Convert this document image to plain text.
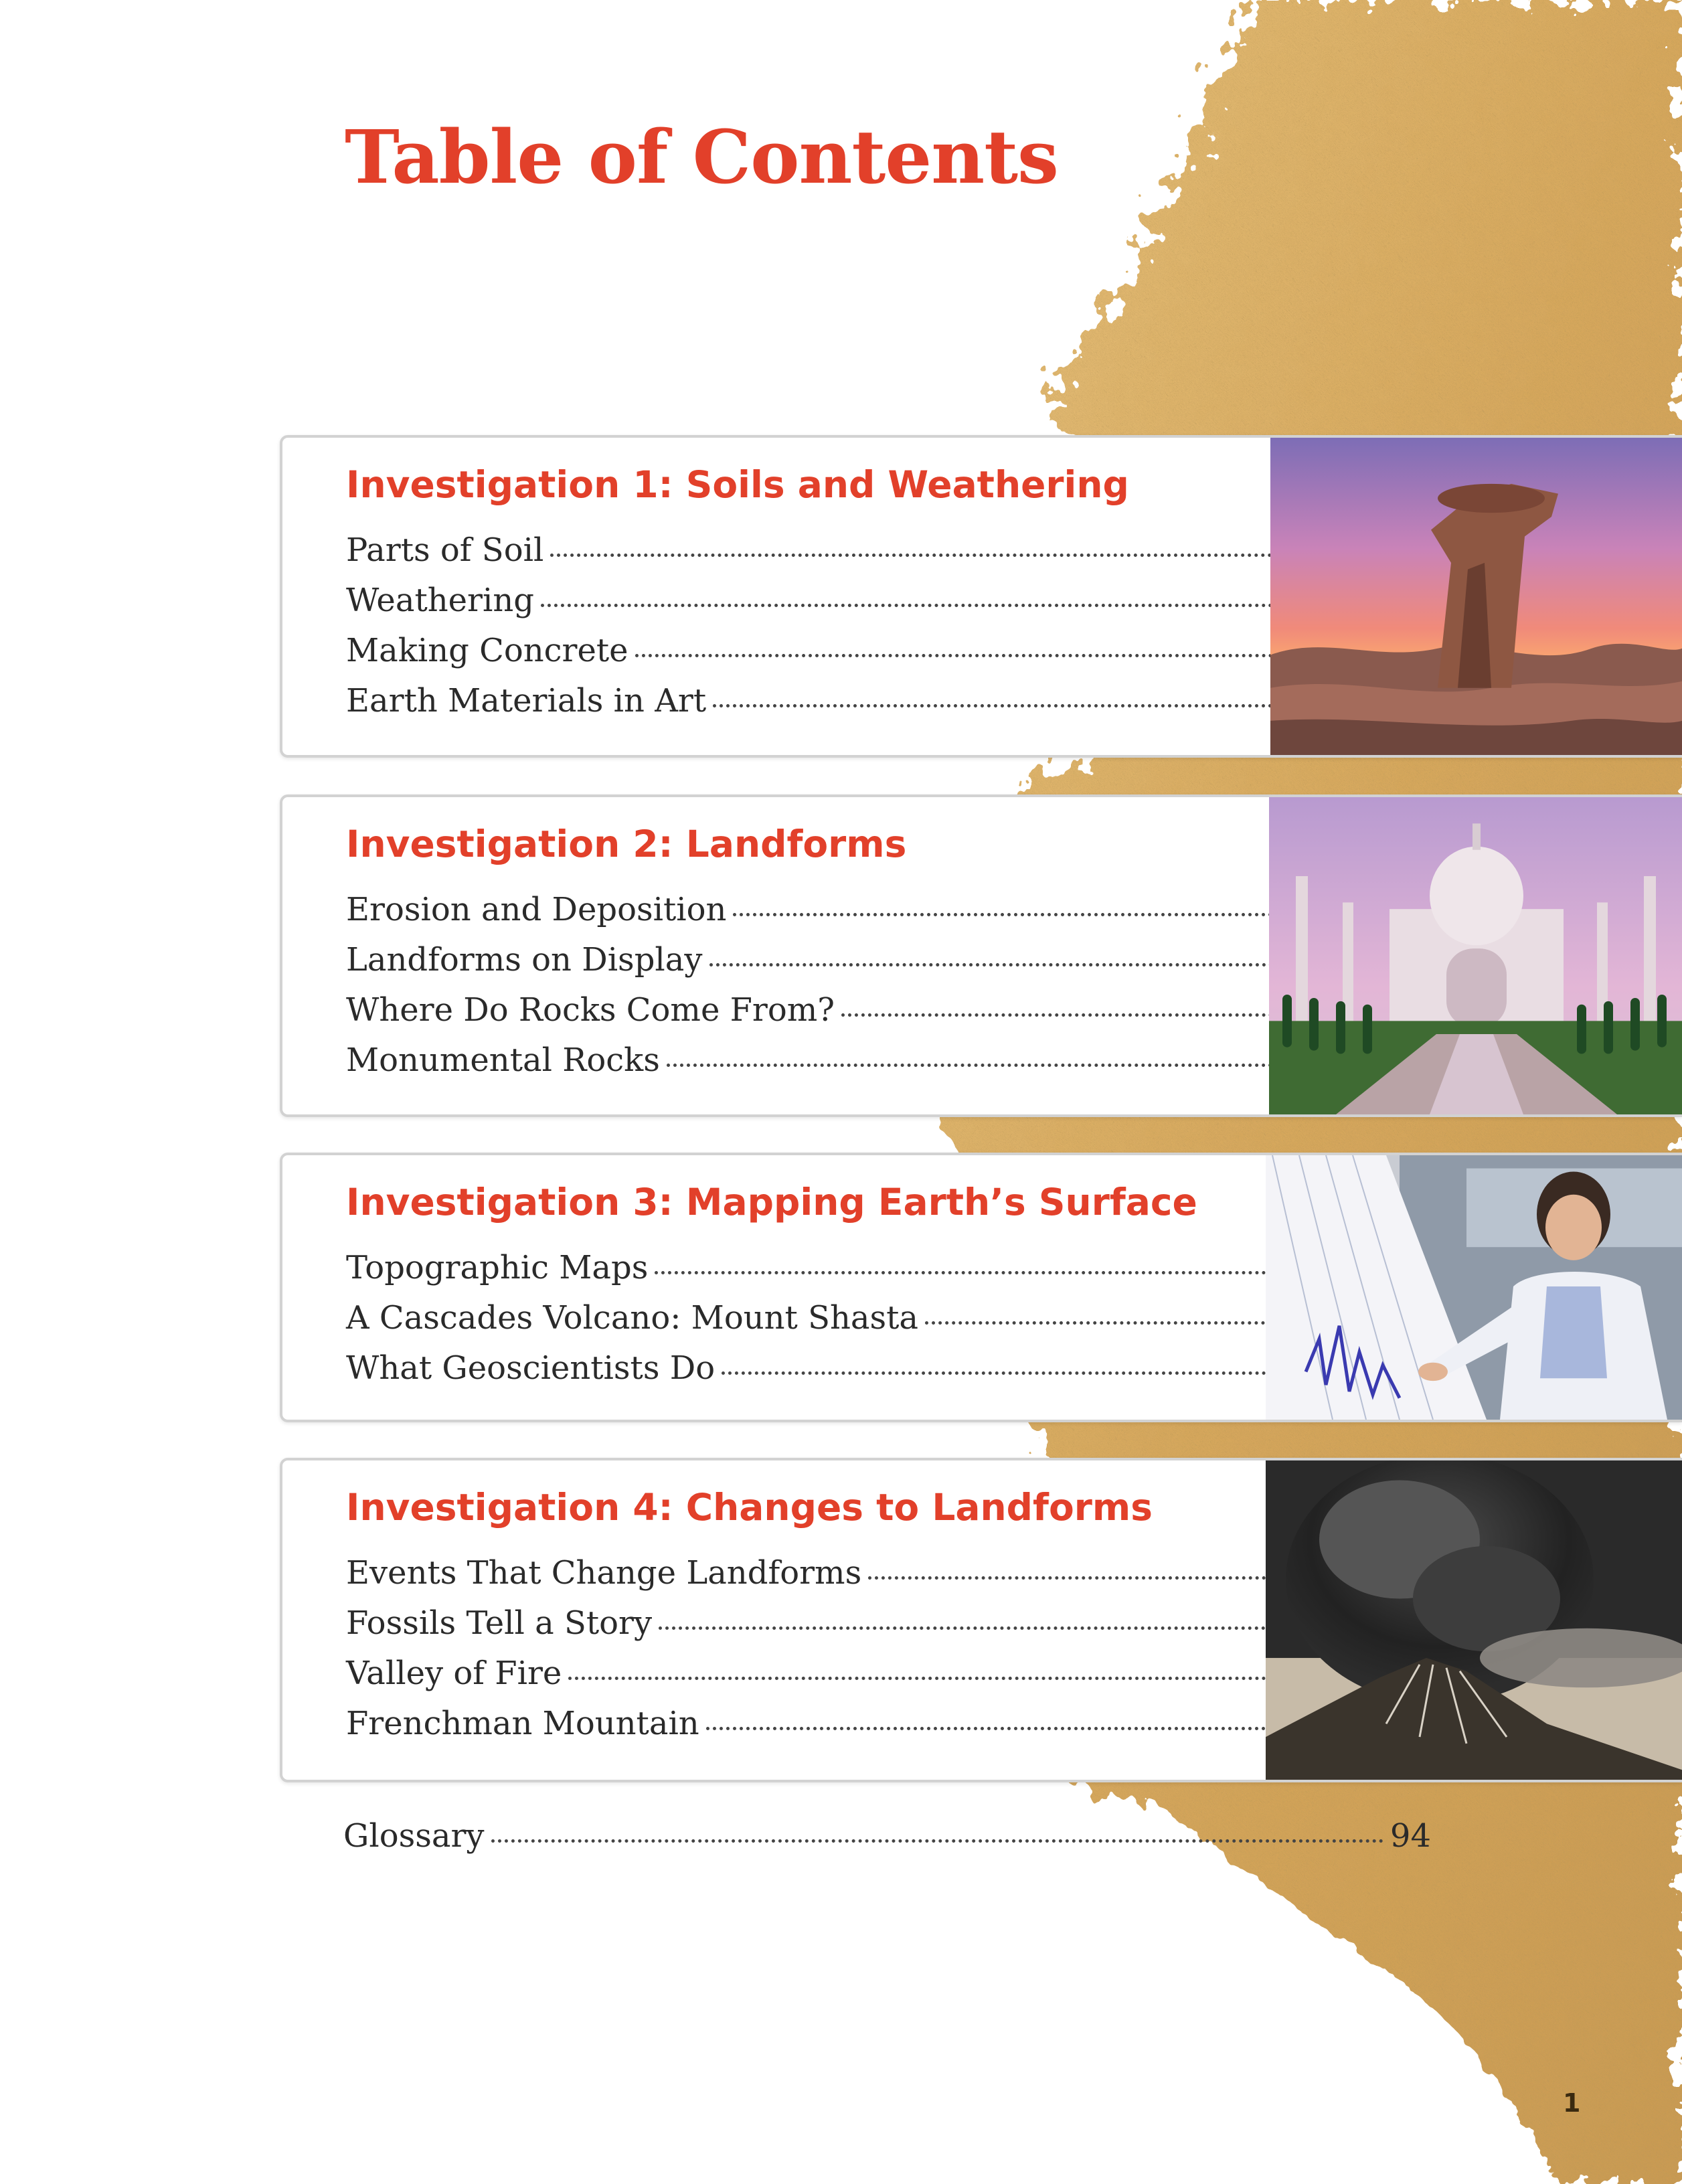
Table of Contents
Investigation 1: Soils and Weathering
Parts of Soil
Weathering
Making Concrete
Earth Materials in Art
Investigation 2: Landforms
Erosion and Deposition
Landforms on Display
Where Do Rocks Come From?
Monumental Rocks
Investigation 3: Mapping Earth’s Surface
Topographic Maps
A Cascades Volcano: Mount Shasta
What Geoscientists Do
Investigation 4: Changes to Landforms
Events That Change Landforms
Fossils Tell a Story
Valley of Fire
Frenchman Mountain
Glossary	94
1
